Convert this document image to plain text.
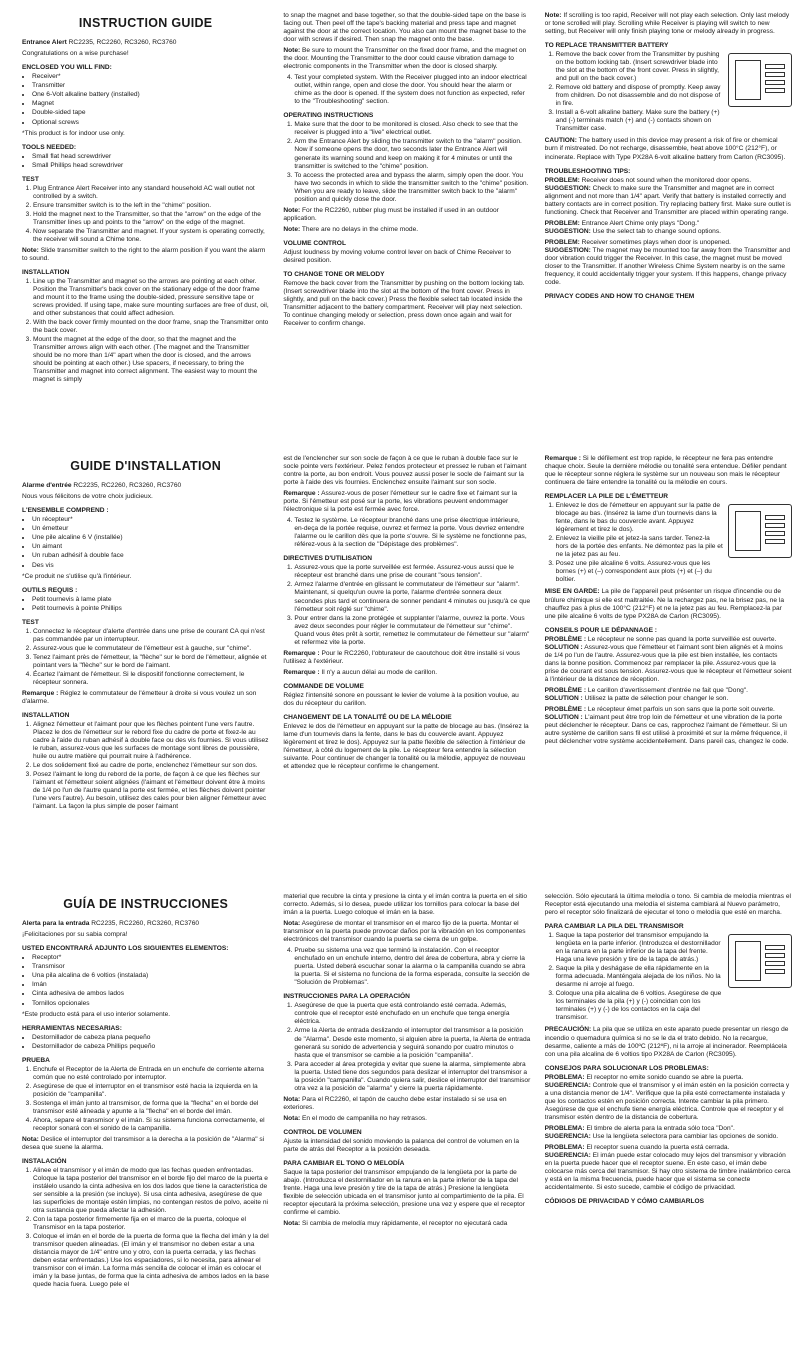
INSTRUCTION GUIDE
Entrance Alert RC2235, RC2260, RC3260, RC3760
Congratulations on a wise purchase!
ENCLOSED YOU WILL FIND:
• Receiver*
• Transmitter
• One 6-Volt alkaline battery (installed)
• Magnet
• Double-sided tape
• Optional screws
*This product is for indoor use only.
TOOLS NEEDED:
• Small flat head screwdriver
• Small Phillips head screwdriver
TEST
1. Plug Entrance Alert Receiver into any standard household AC wall outlet not controlled by a switch.
2. Ensure transmitter switch is to the left in the "chime" position.
3. Hold the magnet next to the Transmitter, so that the "arrow" on the edge of the Transmitter lines up and points to the "arrow" on the edge of the magnet.
4. Now separate the Transmitter and magnet. If your system is operating correctly, the receiver will sound a Chime tone.
Note: Slide transmitter switch to the right to the alarm position if you want the alarm to sound.
INSTALLATION
1. Line up the Transmitter and magnet so the arrows are pointing at each other. Position the Transmitter's back cover on the stationary edge of the door frame and mount it to the frame using the double-sided, pressure sensitive tape or screws provided. If using tape, make sure mounting surfaces are free of dust, oil, and other substances that could affect adhesion.
2. With the back cover firmly mounted on the door frame, snap the Transmitter onto the back cover.
3. Mount the magnet at the edge of the door, so that the magnet and the Transmitter arrows align with each other. (The magnet and the Transmitter should be no more than 1/4" apart when the door is closed, and the arrows should be pointing at each other.) Use spacers, if necessary, to bring the Transmitter and magnet into correct alignment. The easiest way to mount the magnet is simply
to snap the magnet and base together, so that the double-sided tape on the base is facing out. Then peel off the tape's backing material and press tape and magnet against the door at the correct location. You also can mount the magnet base to the door with screws if desired. Then snap the magnet onto the base.
Note: Be sure to mount the Transmitter on the fixed door frame, and the magnet on the door. Mounting the Transmitter to the door could cause vibration damage to electronic components in the Transmitter when the door is closed sharply.
4. Test your completed system. With the Receiver plugged into an indoor electrical outlet, within range, open and close the door. You should hear the alarm or chime as the door is opened. If the system does not function as expected, refer to the "Troubleshooting" section.
OPERATING INSTRUCTIONS
1. Make sure that the door to be monitored is closed. Also check to see that the receiver is plugged into a "live" electrical outlet.
2. Arm the Entrance Alert by sliding the transmitter switch to the "alarm" position. Now if someone opens the door, two seconds later the Entrance Alert will generate its warning sound and keep on making it for 4 minutes or until the transmitter is switched to the "chime" position.
3. To access the protected area and bypass the alarm, simply open the door. You have two seconds in which to slide the transmitter switch to the "chime" position. When you are ready to leave, slide the transmitter switch back to the "alarm" position and quickly close the door.
Note: For the RC2260, rubber plug must be installed if used in an outdoor application.
Note: There are no delays in the chime mode.
VOLUME CONTROL
Adjust loudness by moving volume control lever on back of Chime Receiver to desired position.
TO CHANGE TONE OR MELODY
Remove the back cover from the Transmitter by pushing on the bottom locking tab. (Insert screwdriver blade into the slot at the bottom of the front cover. Press in slightly, and pull on the back cover.) Press the flexible select tab located inside the Transmitter adjacent to the battery compartment. Receiver will play next selection. To continue changing melody or selection, press down once again and wait for Receiver to confirm change.
Note: If scrolling is too rapid, Receiver will not play each selection. Only last melody or tone scrolled will play. Scrolling while Receiver is playing will switch to new setting, but Receiver will only finish playing tone or melody already in progress.
TO REPLACE TRANSMITTER BATTERY
1. Remove the back cover from the Transmitter by pushing on the bottom locking tab. (Insert screwdriver blade into the slot at the bottom of the front cover. Press in slightly, and pull on the back cover.)
2. Remove old battery and dispose of promptly. Keep away from children. Do not disassemble and do not dispose of in fire.
3. Install a 6-volt alkaline battery. Make sure the battery (+) and (-) terminals match (+) and (-) contacts shown on Transmitter case.
CAUTION: The battery used in this device may present a risk of fire or chemical burn if mistreated. Do not recharge, disassemble, heat above 100°C (212°F), or incinerate. Replace with Type PX28A 6-volt alkaline battery from Carlon (RC3095).
TROUBLESHOOTING TIPS:
PROBLEM: Receiver does not sound when the monitored door opens.
SUGGESTION: Check to make sure the Transmitter and magnet are in correct alignment and not more than 1/4" apart. Verify that battery is installed correctly and battery contacts are in correct position. Try replacing battery first. Make sure outlet is functioning. Check that Receiver and Transmitter are placed within operating range.
PROBLEM: Entrance Alert Chime only plays "Dong."
SUGGESTION: Use the select tab to change sound options.
PROBLEM: Receiver sometimes plays when door is unopened.
SUGGESTION: The magnet may be mounted too far away from the Transmitter and door vibration could trigger the Receiver. In this case, the magnet must be moved closer to the Transmitter. If another Wireless Chime System nearby is on the same frequency, it could accidentally trigger your system. If this happens, change privacy code.
PRIVACY CODES AND HOW TO CHANGE THEM
GUIDE D'INSTALLATION
Alarme d'entrée RC2235, RC2260, RC3260, RC3760
Nous vous félicitons de votre choix judicieux.
L'ENSEMBLE COMPREND :
• Un récepteur*
• Un émetteur
• Une pile alcaline 6 V (installée)
• Un aimant
• Un ruban adhésif à double face
• Des vis
*Ce produit ne s'utilise qu'à l'intérieur.
OUTILS REQUIS :
• Petit tournevis à lame plate
• Petit tournevis à pointe Phillips
TEST
1. Connectez le récepteur d'alerte d'entrée dans une prise de courant CA qui n'est pas commandée par un interrupteur.
2. Assurez-vous que le commutateur de l'émetteur est à gauche, sur "chime".
3. Tenez l'aimant près de l'émetteur, la "flèche" sur le bord de l'émetteur, alignée et pointant vers la "flèche" sur le bord de l'aimant.
4. Écartez l'aimant de l'émetteur. Si le dispositif fonctionne correctement, le récepteur sonnera.
Remarque : Réglez le commutateur de l'émetteur à droite si vous voulez un son d'alarme.
INSTALLATION
1. Alignez l'émetteur et l'aimant pour que les flèches pointent l'une vers l'autre. Placez le dos de l'émetteur sur le rebord fixe du cadre de porte et fixez-le au cadre à l'aide du ruban adhésif à double face ou des vis fournies. Si vous utilisez le ruban, assurez-vous que les surfaces de montage sont libres de poussière, huile ou autre matière qui pourrait nuire à l'adhérence.
2. Le dos solidement fixé au cadre de porte, enclenchez l'émetteur sur son dos.
3. Posez l'aimant le long du rebord de la porte, de façon à ce que les flèches sur l'aimant et l'émetteur soient alignées (l'aimant et l'émetteur doivent être à moins de 1/4 po l'un de l'autre quand la porte est fermée, et les flèches doivent pointer l'une vers l'autre). Au besoin, utilisez des cales pour bien aligner l'émetteur avec l'aimant. La façon la plus simple de poser l'aimant
est de l'enclencher sur son socle de façon à ce que le ruban à double face sur le socle pointe vers l'extérieur. Pelez l'endos protecteur et pressez le ruban et l'aimant contre la porte, au bon endroit. Vous pouvez aussi poser le socle de l'aimant sur la porte à l'aide des vis fournies. Enclenchez ensuite l'aimant sur son socle.
Remarque : Assurez-vous de poser l'émetteur sur le cadre fixe et l'aimant sur la porte. Si l'émetteur est posé sur la porte, les vibrations peuvent endommager l'électronique si la porte est fermée avec force.
4. Testez le système. Le récepteur branché dans une prise électrique intérieure, en-deça de la portée requise, ouvrez et fermez la porte. Vous devriez entendre l'alarme ou le carillon dès que la porte s'ouvre. Si le système ne fonctionne pas, référez-vous à la section de "Dépistage des problèmes".
DIRECTIVES D'UTILISATION
1. Assurez-vous que la porte surveillée est fermée. Assurez-vous aussi que le récepteur est branché dans une prise de courant "sous tension".
2. Armez l'alarme d'entrée en glissant le commutateur de l'émetteur sur "alarm". Maintenant, si quelqu'un ouvre la porte, l'alarme d'entrée sonnera deux secondes plus tard et continuera de sonner pendant 4 minutes ou jusqu'à ce que l'émetteur soit réglé sur "chime".
3. Pour entrer dans la zone protégée et supplanter l'alarme, ouvrez la porte. Vous avez deux secondes pour régler le commutateur de l'émetteur sur "chime". Quand vous êtes prêt à sortir, remettez le commutateur de l'émetteur sur "alarm" et refermez vite la porte.
Remarque : Pour le RC2260, l'obturateur de caoutchouc doit être installé si vous l'utilisez à l'extérieur.
Remarque : Il n'y a aucun délai au mode de carillon.
COMMANDE DE VOLUME
Réglez l'intensité sonore en poussant le levier de volume à la position voulue, au dos du récepteur du carillon.
CHANGEMENT DE LA TONALITÉ OU DE LA MÉLODIE
Enlevez le dos de l'émetteur en appuyant sur la patte de blocage au bas. (Insérez la lame d'un tournevis dans la fente, dans le bas du couvercle avant. Appuyez légèrement et tirez le dos). Appuyez sur la patte flexible de sélection à l'intérieur de l'émetteur, à côté du logement de la pile. Le récepteur fera entendre la sélection suivante. Pour continuer de changer la tonalité ou la mélodie, appuyez de nouveau et attendez que le récepteur confirme le changement.
Remarque : Si le défilement est trop rapide, le récepteur ne fera pas entendre chaque choix. Seule la dernière mélodie ou tonalité sera entendue. Défiler pendant que le récepteur sonne réglera le système sur un nouveau son mais le récepteur continuera de faire entendre la tonalité ou la mélodie en cours.
REMPLACER LA PILE DE L'ÉMETTEUR
1. Enlevez le dos de l'émetteur en appuyant sur la patte de blocage au bas. (Insérez la lame d'un tournevis dans la fente, dans le bas du couvercle avant. Appuyez légèrement et tirez le dos).
2. Enlevez la vieille pile et jetez-la sans tarder. Tenez-la hors de la portée des enfants. Ne démontez pas la pile et ne la jetez pas au feu.
3. Posez une pile alcaline 6 volts. Assurez-vous que les bornes (+) et (–) correspondent aux plots (+) et (–) du boîtier.
MISE EN GARDE: La pile de l'appareil peut présenter un risque d'incendie ou de brûlure chimique si elle est maltraitée. Ne la rechargez pas, ne la brisez pas, ne la chauffez pas à plus de 100°C (212°F) et ne la jetez pas au feu. Remplacez-la par une pile alcaline 6 volts de type PX28A de Carlon (RC3095).
CONSEILS POUR LE DÉPANNAGE :
PROBLÈME : Le récepteur ne sonne pas quand la porte surveillée est ouverte.
SOLUTION : Assurez-vous que l'émetteur et l'aimant sont bien alignés et à moins de 1/4 po l'un de l'autre. Assurez-vous que la pile est bien installée, les contacts dans la bonne position. Commencez par remplacer la pile. Assurez-vous que la prise de courant est sous tension. Assurez-vous que le récepteur et l'émetteur soient à l'intérieur de la distance de réception.
PROBLÈME : Le carillon d'avertissement d'entrée ne fait que "Dong".
SOLUTION : Utilisez la patte de sélection pour changer le son.
PROBLÈME : Le récepteur émet parfois un son sans que la porte soit ouverte.
SOLUTION : L'aimant peut être trop loin de l'émetteur et une vibration de la porte peut déclencher le récepteur. Dans ce cas, rapprochez l'aimant de l'émetteur. Si un autre système de carillon sans fil est utilisé à proximité et sur la même fréquence, il peut déclencher votre système accidentellement. Dans pareil cas, changez le code.
GUÍA DE INSTRUCCIONES
Alerta para la entrada RC2235, RC2260, RC3260, RC3760
¡Felicitaciones por su sabia compra!
USTED ENCONTRARÁ ADJUNTO LOS SIGUIENTES ELEMENTOS:
• Receptor*
• Transmisor
• Una pila alcalina de 6 voltios (instalada)
• Imán
• Cinta adhesiva de ambos lados
• Tornillos opcionales
*Este producto está para el uso interior solamente.
HERRAMIENTAS NECESARIAS:
• Destornillador de cabeza plana pequeño
• Destornillador de cabeza Phillips pequeño
PRUEBA
1. Enchufe el Receptor de la Alerta de Entrada en un enchufe de corriente alterna común que no esté controlado por interruptor.
2. Asegúrese de que el interruptor en el transmisor esté hacia la izquierda en la posición de "campanilla".
3. Sostenga el imán junto al transmisor, de forma que la "flecha" en el borde del transmisor esté alineada y apunte a la "flecha" en el borde del imán.
4. Ahora, separe el transmisor y el imán. Si su sistema funciona correctamente, el receptor sonará con el sonido de la campanilla.
Nota: Deslice el interruptor del transmisor a la derecha a la posición de "Alarma" si desea que suene la alarma.
INSTALACIÓN
1. Alinee el transmisor y el imán de modo que las fechas queden enfrentadas. Coloque la tapa posterior del transmisor en el borde fijo del marco de la puerta e instálelo usando la cinta adhesiva en los dos lados que tiene la característica de ser sensible a la presión (se incluye). Si usa cinta adhesiva, asegúrese de que las superficies de montaje estén limpias, no contengan restos de polvo, aceite ni otra sustancia que pueda afectar la adhesión.
2. Con la tapa posterior firmemente fija en el marco de la puerta, coloque el Transmisor en la tapa posterior.
3. Coloque el imán en el borde de la puerta de forma que la flecha del imán y la del transmisor queden alineadas. (El imán y el transmisor no deben estar a una distancia mayor de 1/4" entre uno y otro, con la puerta cerrada, y las flechas deben estar enfrentadas.) Use los espaciadores, si lo necesita, para alinear el transmisor con el imán. La forma más sencilla de colocar el imán es colocar el imán y la base juntas, de forma que la cinta adhesiva de ambos lados en la base quede hacia fuera. Luego pele el
material que recubre la cinta y presione la cinta y el imán contra la puerta en el sitio correcto. Además, si lo desea, puede utilizar los tornillos para colocar la base del imán a la puerta. Luego coloque el imán en la base.
Nota: Asegúrese de montar el transmisor en el marco fijo de la puerta. Montar el transmisor en la puerta puede provocar daños por la vibración en los componentes electrónicos del transmisor cuando la puerta se cierra de un golpe.
4. Pruebe su sistema una vez que terminó la instalación. Con el receptor enchufado en un enchufe interno, dentro del área de cobertura, abra y cierre la puerta. Usted deberá escuchar sonar la alarma o la campanilla cuando se abra la puerta. Si el sistema no funciona de la forma esperada, consulte la sección de "Solución de Problemas".
INSTRUCCIONES PARA LA OPERACIÓN
1. Asegúrese de que la puerta que está controlando esté cerrada. Además, controle que el receptor esté enchufado en un enchufe que tenga energía eléctrica.
2. Arme la Alerta de entrada deslizando el interruptor del transmisor a la posición de "Alarma". Desde este momento, si alguien abre la puerta, la Alerta de entrada generará su sonido de advertencia y seguirá sonando por cuatro minutos o hasta que el transmisor se cambie a la posición "campanilla".
3. Para acceder al área protegida y evitar que suene la alarma, simplemente abra la puerta. Usted tiene dos segundos para deslizar el interruptor del transmisor a la posición "campanilla". Cuando quiera salir, deslice el interruptor del transmisor otra vez a la posición de "alarma" y cierre la puerta rápidamente.
Nota: Para el RC2260, el tapón de caucho debe estar instalado si se usa en exteriores.
Nota: En el modo de campanilla no hay retrasos.
CONTROL DE VOLUMEN
Ajuste la intensidad del sonido moviendo la palanca del control de volumen en la parte de atrás del Receptor a la posición deseada.
PARA CAMBIAR EL TONO O MELODÍA
Saque la tapa posterior del transmisor empujando de la lengüeta por la parte de abajo. (Introduzca el destornillador en la ranura en la parte inferior de la tapa del frente. Haga una leve presión y tire de la tapa de atrás.) Presione la lengüeta flexible de selección ubicada en el transmisor junto al compartimiento de la pila. El receptor ejecutará la próxima selección, presione una vez y espere que el receptor confirme el cambio.
Nota: Si cambia de melodía muy rápidamente, el receptor no ejecutará cada
selección. Sólo ejecutará la última melodía o tono. Si cambia de melodía mientras el Receptor está ejecutando una melodía el sistema cambiará al Nuevo parámetro, pero el receptor sólo finalizará de ejecutar el tono o melodía que esté en marcha.
PARA CAMBIAR LA PILA DEL TRANSMISOR
1. Saque la tapa posterior del transmisor empujando la lengüeta en la parte inferior. (Introduzca el destornillador en la ranura en la parte inferior de la tapa del frente. Haga una leve presión y tire de la tapa de atrás.)
2. Saque la pila y deshágase de ella rápidamente en la forma adecuada. Manténgala alejada de los niños. No la desarme ni arroje al fuego.
3. Coloque una pila alcalina de 6 voltios. Asegúrese de que los terminales de la pila (+) y (-) coincidan con los terminales (+) y (-) de los contactos en la caja del transmisor.
PRECAUCIÓN: La pila que se utiliza en este aparato puede presentar un riesgo de incendio o quemadura química si no se le da el trato debido. No la recargue, desarme, caliente a más de 100ºC (212ºF), ni la arroje al incinerador. Reemplácela con una pila alcalina de 6 voltios tipo PX28A de Carlon (RC3095).
CONSEJOS PARA SOLUCIONAR LOS PROBLEMAS:
PROBLEMA: El receptor no emite sonido cuando se abre la puerta.
SUGERENCIA: Controle que el transmisor y el imán estén en la posición correcta y a una distancia menor de 1/4". Verifique que la pila esté correctamente instalada y que los contactos estén en posición correcta. Intente cambiar la pila primero. Asegúrese de que el enchufe tiene energía eléctrica. Controle que el receptor y el transmisor estén dentro de la distancia de cobertura.
PROBLEMA: El timbre de alerta para la entrada sólo toca "Don".
SUGERENCIA: Use la lengüeta selectora para cambiar las opciones de sonido.
PROBLEMA: El receptor suena cuando la puerta está cerrada.
SUGERENCIA: El imán puede estar colocado muy lejos del transmisor y vibración en la puerta puede hacer que el receptor suene. En este caso, el imán debe colocarse más cerca del transmisor. Si hay otro sistema de timbre inalámbrico cerca y está en la misma frecuencia, puede hacer que el sistema se conecte accidentalmente. Si esto sucede, cambie el código de privacidad.
CÓDIGOS DE PRIVACIDAD Y CÓMO CAMBIARLOS
